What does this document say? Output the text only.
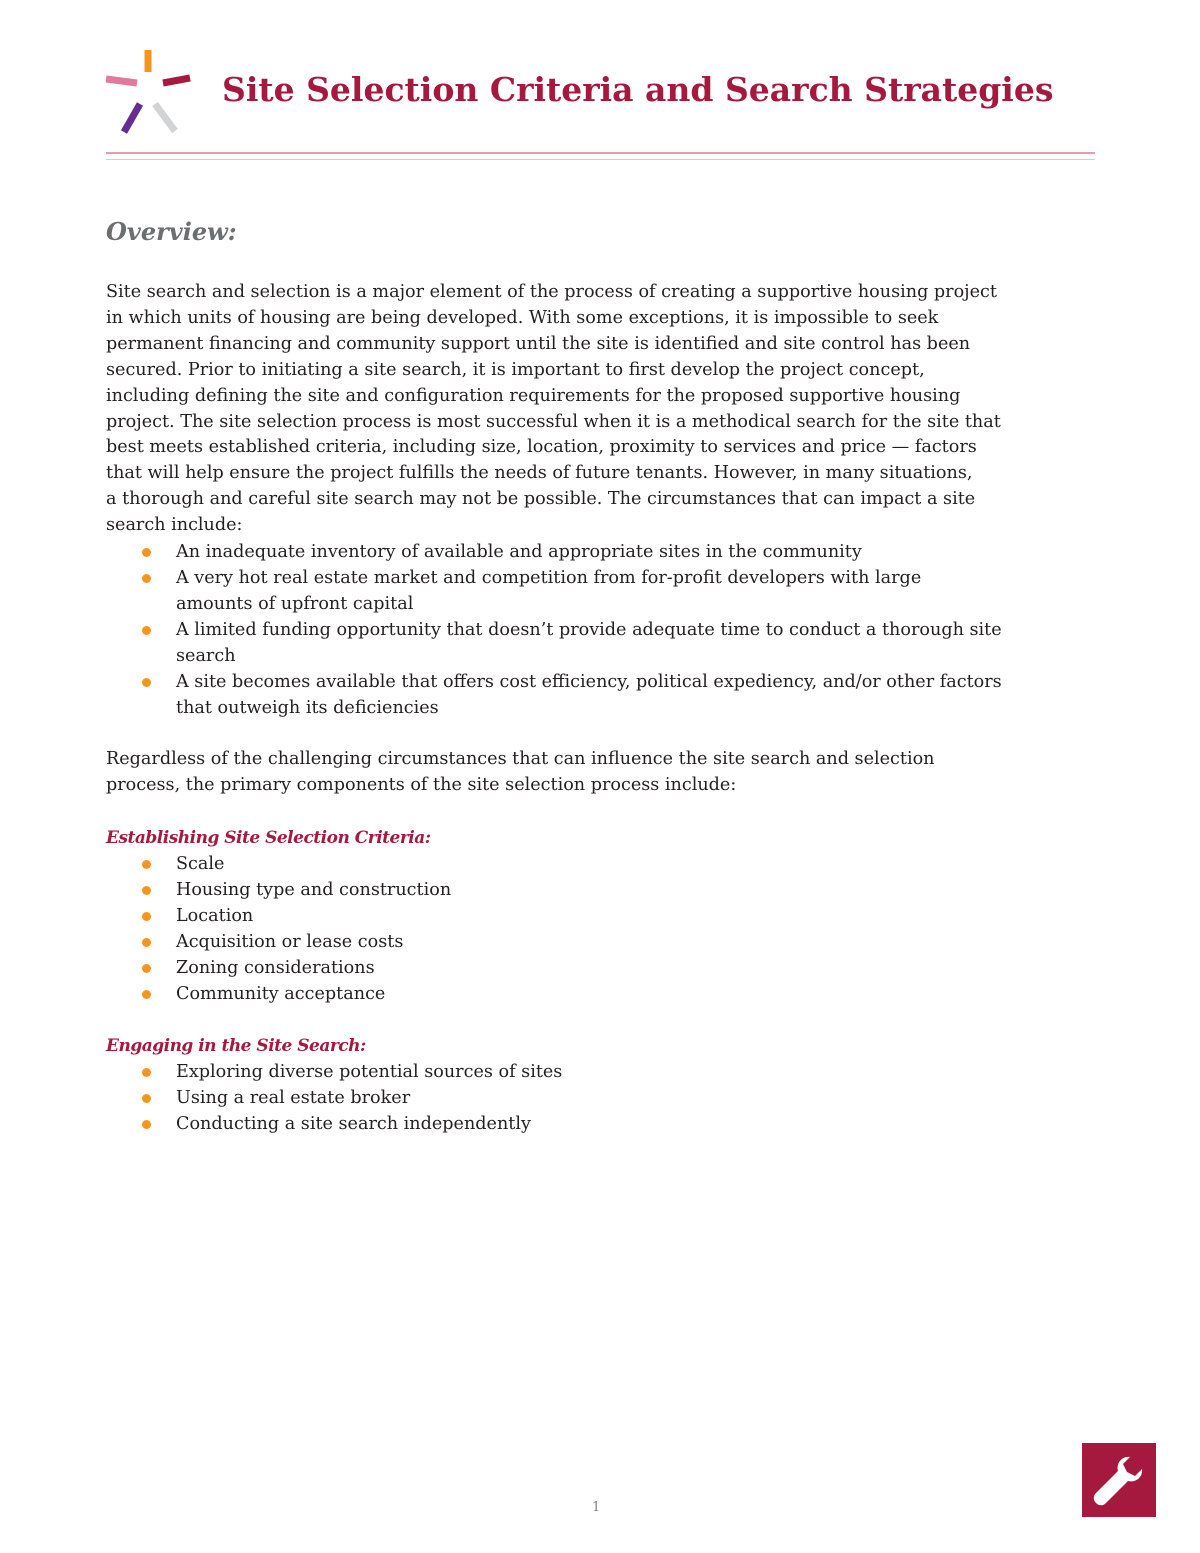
Site Selection Criteria and Search Strategies
Overview:
Site search and selection is a major element of the process of creating a supportive housing project
in which units of housing are being developed. With some exceptions, it is impossible to seek
permanent financing and community support until the site is identified and site control has been
secured. Prior to initiating a site search, it is important to first develop the project concept,
including defining the site and configuration requirements for the proposed supportive housing
project. The site selection process is most successful when it is a methodical search for the site that
best meets established criteria, including size, location, proximity to services and price — factors
that will help ensure the project fulfills the needs of future tenants. However, in many situations,
a thorough and careful site search may not be possible. The circumstances that can impact a site
search include:
An inadequate inventory of available and appropriate sites in the community
A very hot real estate market and competition from for-profit developers with large
amounts of upfront capital
A limited funding opportunity that doesn’t provide adequate time to conduct a thorough site
search
A site becomes available that offers cost efficiency, political expediency, and/or other factors
that outweigh its deficiencies
Regardless of the challenging circumstances that can influence the site search and selection
process, the primary components of the site selection process include:
Establishing Site Selection Criteria:
Scale
Housing type and construction
Location
Acquisition or lease costs
Zoning considerations
Community acceptance
Engaging in the Site Search:
Exploring diverse potential sources of sites
Using a real estate broker
Conducting a site search independently
1
